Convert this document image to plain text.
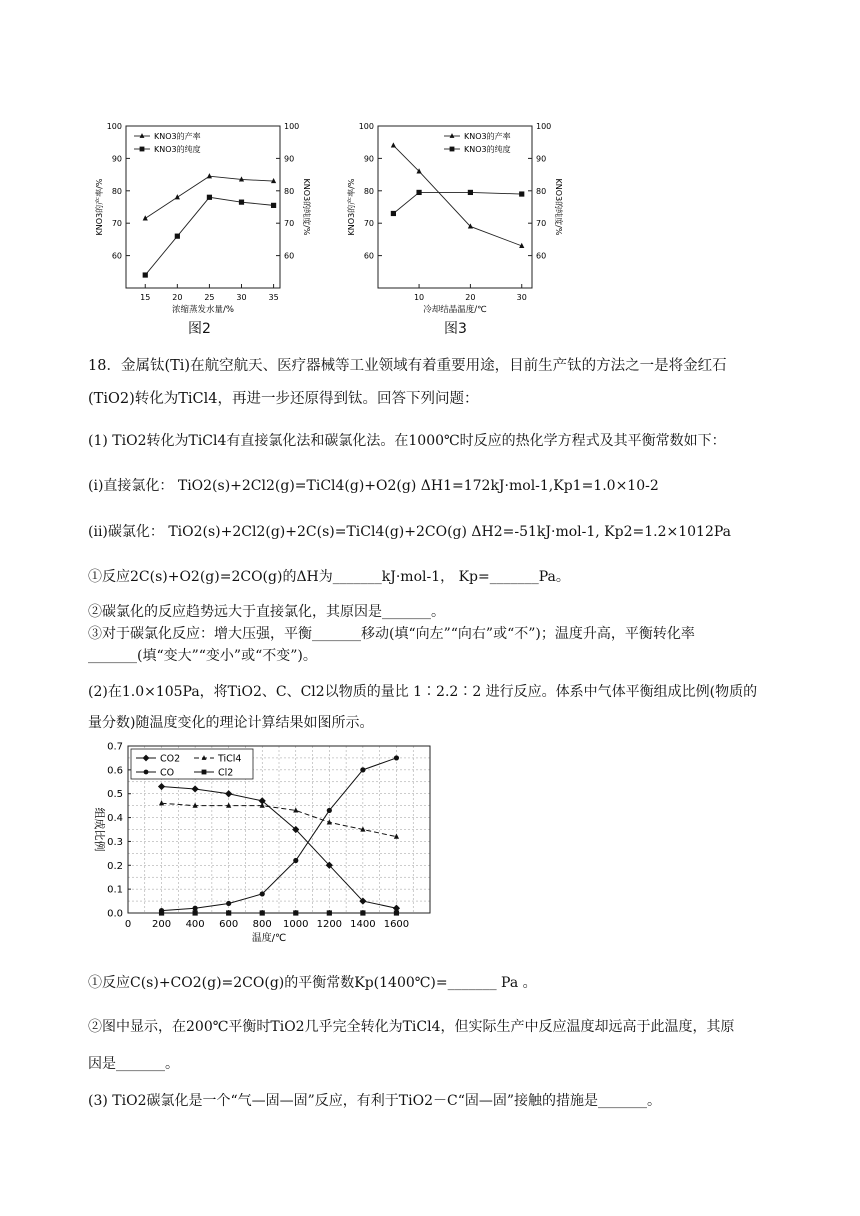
60	60
70	70
80	80
90	90
100	100
15	20	25	30	35
浓缩蒸发水量/%
KNO3的产率/%	KNO3的纯度/%
KNO3的产率
KNO3的纯度
图2
60	60
70	70
80	80
90	90
100	100
10	20	30
冷却结晶温度/℃
KNO3的产率/%	KNO3的纯度/%
KNO3的产率
KNO3的纯度
图3
18．金属钛(Ti)在航空航天、医疗器械等工业领域有着重要用途，目前生产钛的方法之一是将金红石
(TiO2)转化为TiCl4，再进一步还原得到钛。回答下列问题：
(1) TiO2转化为TiCl4有直接氯化法和碳氯化法。在1000℃时反应的热化学方程式及其平衡常数如下：
(i)直接氯化： TiO2(s)+2Cl2(g)=TiCl4(g)+O2(g) ΔH1=172kJ·mol-1,Kp1=1.0×10-2
(ii)碳氯化： TiO2(s)+2Cl2(g)+2C(s)=TiCl4(g)+2CO(g) ΔH2=-51kJ·mol-1, Kp2=1.2×1012Pa
①反应2C(s)+O2(g)=2CO(g)的ΔH为_______kJ·mol-1， Kp=_______Pa。
②碳氯化的反应趋势远大于直接氯化，其原因是_______。
③对于碳氯化反应：增大压强，平衡_______移动(填“向左”“向右”或“不”)；温度升高，平衡转化率
_______(填“变大”“变小”或“不变”)。
(2)在1.0×105Pa，将TiO2、C、Cl2以物质的量比 1∶2.2∶2 进行反应。体系中气体平衡组成比例(物质的
量分数)随温度变化的理论计算结果如图所示。
0.0
0.1
0.2
0.3
0.4
0.5
0.6
0.7
0 200 400 600 800 1000 1200 1400 1600
温度/℃
组成比例
CO2	TiCl4
CO	Cl2
①反应C(s)+CO2(g)=2CO(g)的平衡常数Kp(1400℃)=_______ Pa 。
②图中显示，在200℃平衡时TiO2几乎完全转化为TiCl4，但实际生产中反应温度却远高于此温度，其原
因是_______。
(3) TiO2碳氯化是一个“气—固—固”反应，有利于TiO2－C“固—固”接触的措施是_______。
